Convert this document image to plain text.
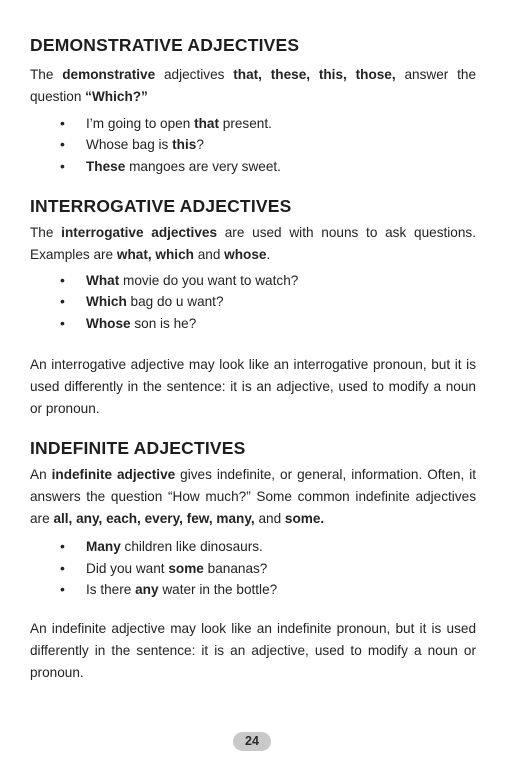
DEMONSTRATIVE ADJECTIVES

The demonstrative adjectives that, these, this, those, answer the question “Which?”

• I’m going to open that present.
• Whose bag is this?
• These mangoes are very sweet.
INTERROGATIVE ADJECTIVES

The interrogative adjectives are used with nouns to ask questions. Examples are what, which and whose.

• What movie do you want to watch?
• Which bag do u want?
• Whose son is he?

An interrogative adjective may look like an interrogative pronoun, but it is used differently in the sentence: it is an adjective, used to modify a noun or pronoun.

INDEFINITE ADJECTIVES

An indefinite adjective gives indefinite, or general, information. Often, it answers the question “How much?” Some common indefinite adjectives are all, any, each, every, few, many, and some.

• Many children like dinosaurs.
• Did you want some bananas?
• Is there any water in the bottle?

An indefinite adjective may look like an indefinite pronoun, but it is used differently in the sentence: it is an adjective, used to modify a noun or pronoun.

24
